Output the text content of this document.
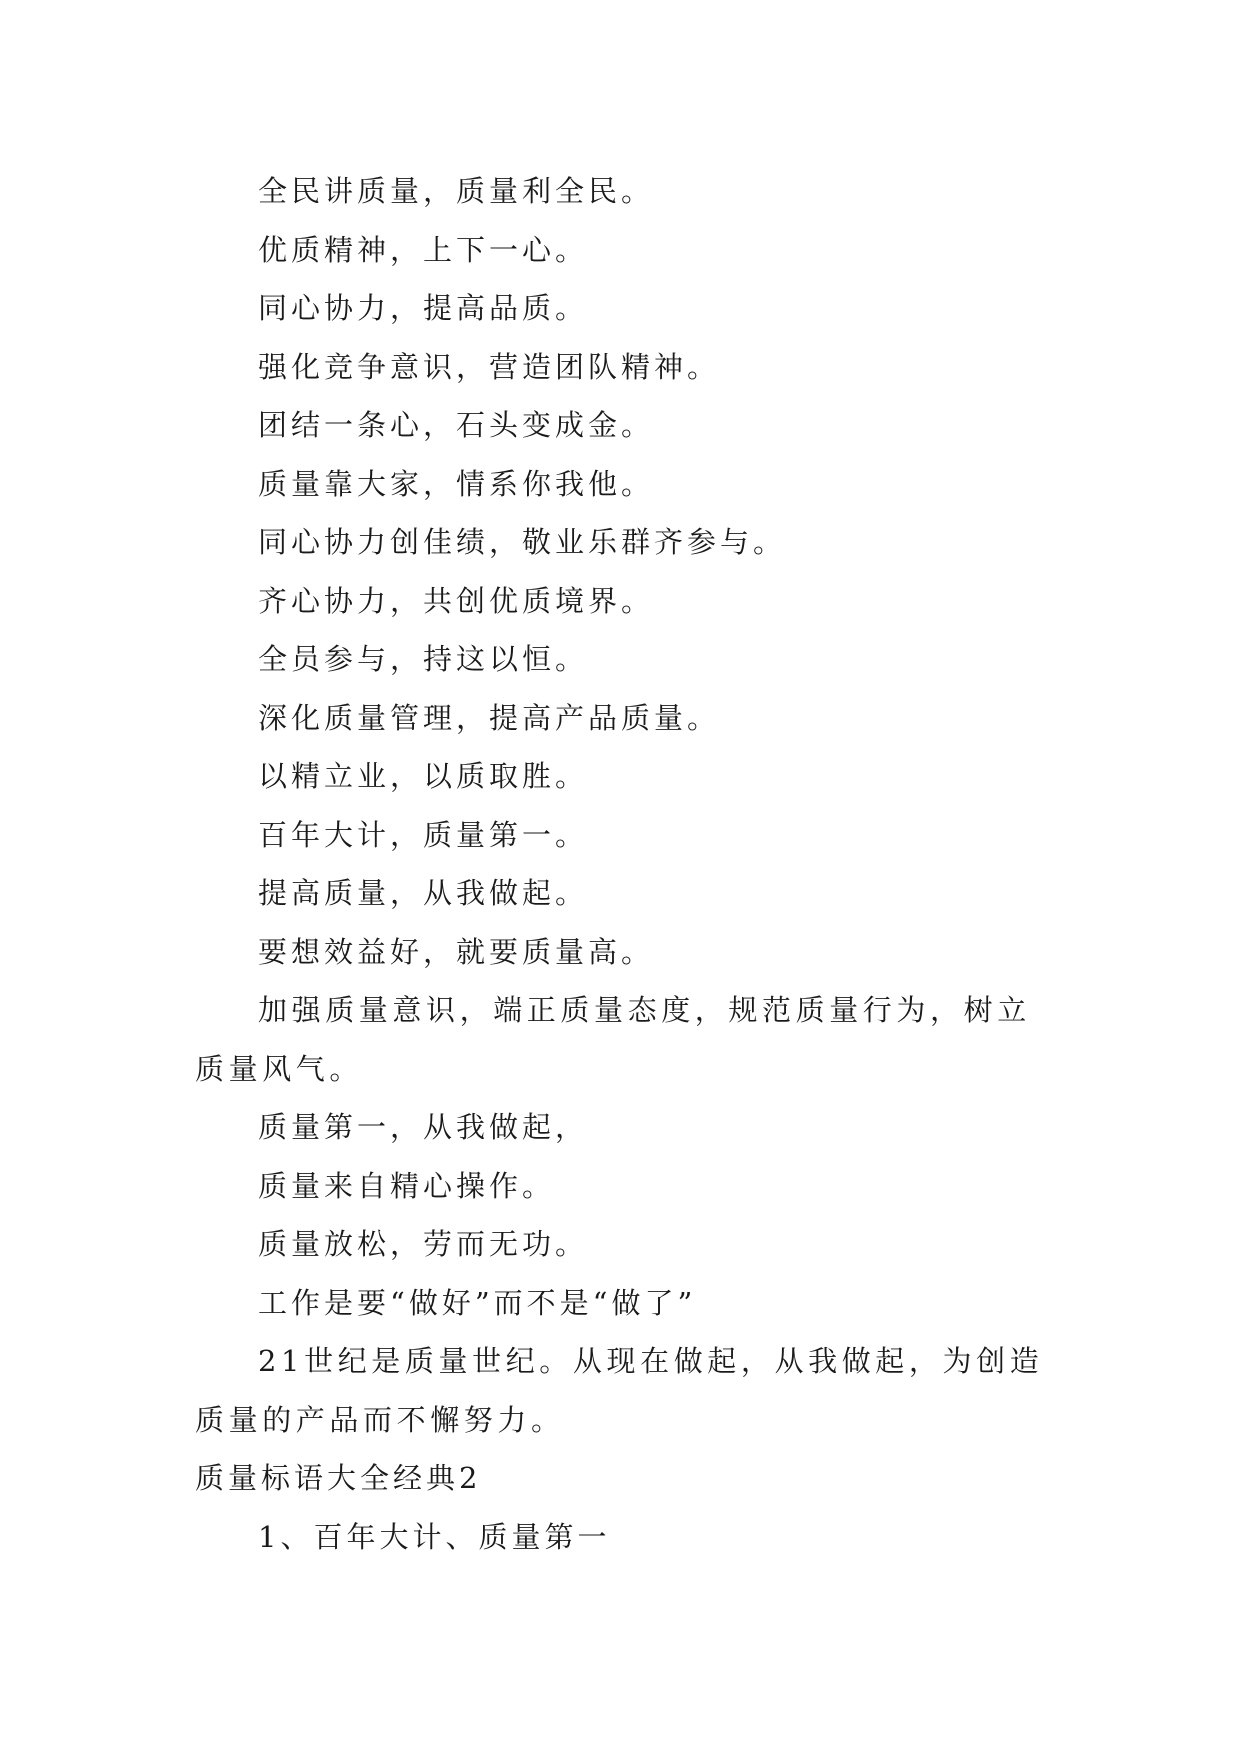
全民讲质量，质量利全民。

优质精神，上下一心。

同心协力，提高品质。

强化竞争意识，营造团队精神。

团结一条心，石头变成金。

质量靠大家，情系你我他。

同心协力创佳绩，敬业乐群齐参与。

齐心协力，共创优质境界。

全员参与，持这以恒。

深化质量管理，提高产品质量。

以精立业，以质取胜。

百年大计，质量第一。

提高质量，从我做起。

要想效益好，就要质量高。

加强质量意识，端正质量态度，规范质量行为，树立质量风气。

质量第一，从我做起，

质量来自精心操作。

质量放松，劳而无功。

工作是要“做好”而不是“做了”

21世纪是质量世纪。从现在做起，从我做起，为创造质量的产品而不懈努力。

质量标语大全经典2

1、百年大计、质量第一
